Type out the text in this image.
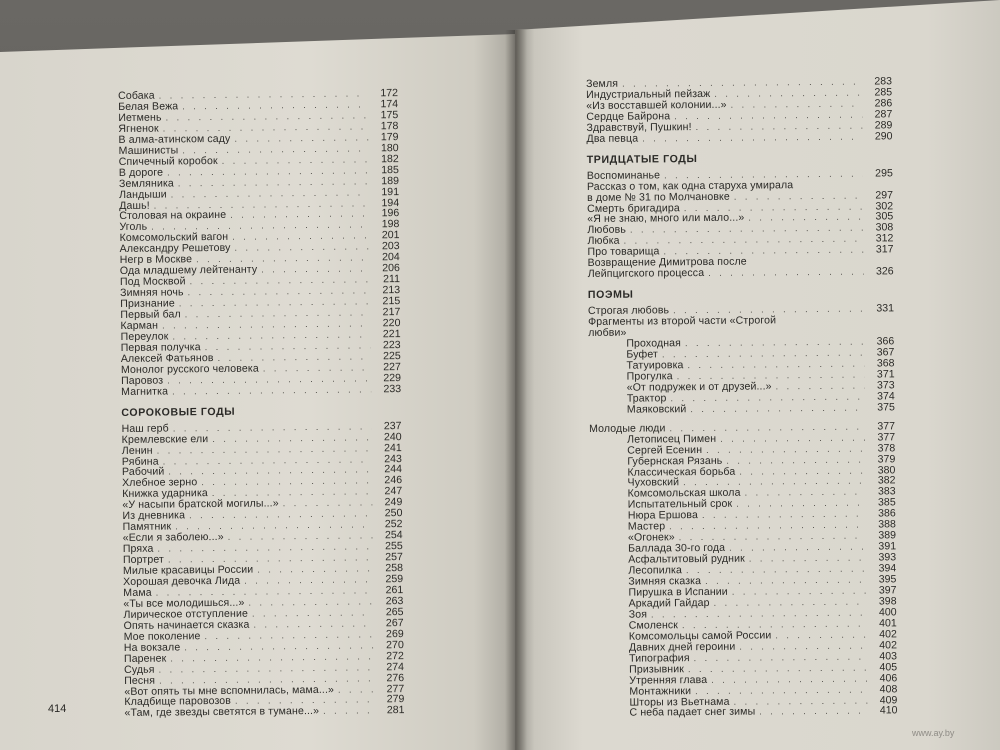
Собака . . .	172
Белая Вежа . . .	174
Иетмень . . .	175
Ягненок . . .	178
В алма-атинском саду . . .	179
Машинисты . . .	180
Спичечный коробок . . .	182
В дороге . . .	185
Земляника . . .	189
Ландыши . . .	191
Дашь! . . .	194
Столовая на окраине . . .	196
Уголь . . .	198
Комсомольский вагон . . .	201
Александру Решетову . . .	203
Негр в Москве . . .	204
Ода младшему лейтенанту . . .	206
Под Москвой . . .	211
Зимняя ночь . . .	213
Признание . . .	215
Первый бал . . .	217
Карман . . .	220
Переулок . . .	221
Первая получка . . .	223
Алексей Фатьянов . . .	225
Монолог русского человека . . .	227
Паровоз . . .	229
Магнитка . . .	233
СОРОКОВЫЕ ГОДЫ
Наш герб . . .	237
Кремлевские ели . . .	240
Ленин . . .	241
Рябина . . .	243
Рабочий . . .	244
Хлебное зерно . . .	246
Книжка ударника . . .	247
«У насыпи братской могилы...» . . .	249
Из дневника . . .	250
Памятник . . .	252
«Если я заболею...» . . .	254
Пряха . . .	255
Портрет . . .	257
Милые красавицы России . . .	258
Хорошая девочка Лида . . .	259
Мама . . .	261
«Ты все молодишься...» . . .	263
Лирическое отступление . . .	265
Опять начинается сказка . . .	267
Мое поколение . . .	269
На вокзале . . .	270
Паренек . . .	272
Судья . . .	274
Песня . . .	276
«Вот опять ты мне вспомнилась, мама...» . . .	277
Кладбище паровозов . . .	279
«Там, где звезды светятся в тумане...» . . .	281
414
Земля . . .	283
Индустриальный пейзаж . . .	285
«Из восставшей колонии...» . . .	286
Сердце Байрона . . .	287
Здравствуй, Пушкин! . . .	289
Два певца . . .	290
ТРИДЦАТЫЕ ГОДЫ
Воспоминанье . . .	295
Рассказ о том, как одна старуха умирала
в доме № 31 по Молчановке . . .	297
Смерть бригадира . . .	302
«Я не знаю, много или мало...» . . .	305
Любовь . . .	308
Любка . . .	312
Про товарища . . .	317
Возвращение Димитрова после
Лейпцигского процесса . . .	326
ПОЭМЫ
Строгая любовь . . .	331
Фрагменты из второй части «Строгой
любви»
Проходная . . .	366
Буфет . . .	367
Татуировка . . .	368
Прогулка . . .	371
«От подружек и от друзей...» . . .	373
Трактор . . .	374
Маяковский . . .	375
Молодые люди . . .	377
Летописец Пимен . . .	377
Сергей Есенин . . .	378
Губернская Рязань . . .	379
Классическая борьба . . .	380
Чуховский . . .	382
Комсомольская школа . . .	383
Испытательный срок . . .	385
Нюра Ершова . . .	386
Мастер . . .	388
«Огонек» . . .	389
Баллада 30-го года . . .	391
Асфальтитовый рудник . . .	393
Лесопилка . . .	394
Зимняя сказка . . .	395
Пирушка в Испании . . .	397
Аркадий Гайдар . . .	398
Зоя . . .	400
Смоленск . . .	401
Комсомольцы самой России . . .	402
Давних дней героини . . .	402
Типография . . .	403
Призывник . . .	405
Утренняя глава . . .	406
Монтажники . . .	408
Шторы из Вьетнама . . .	409
С неба падает снег зимы . . .	410
www.ay.by
